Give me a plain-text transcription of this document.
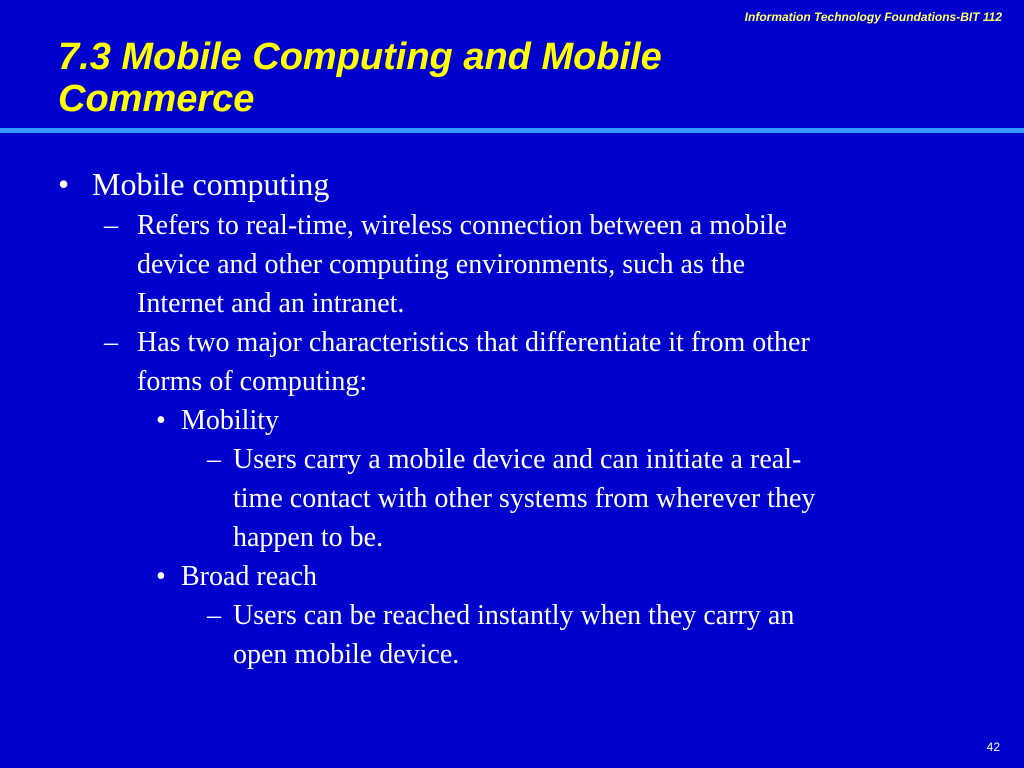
Information Technology Foundations-BIT 112
7.3 Mobile Computing and Mobile
Commerce
• Mobile computing
– Refers to real-time, wireless connection between a mobile
device and other computing environments, such as the
Internet and an intranet.
– Has two major characteristics that differentiate it from other
forms of computing:
• Mobility
– Users carry a mobile device and can initiate a real-
time contact with other systems from wherever they
happen to be.
• Broad reach
– Users can be reached instantly when they carry an
open mobile device.
42
